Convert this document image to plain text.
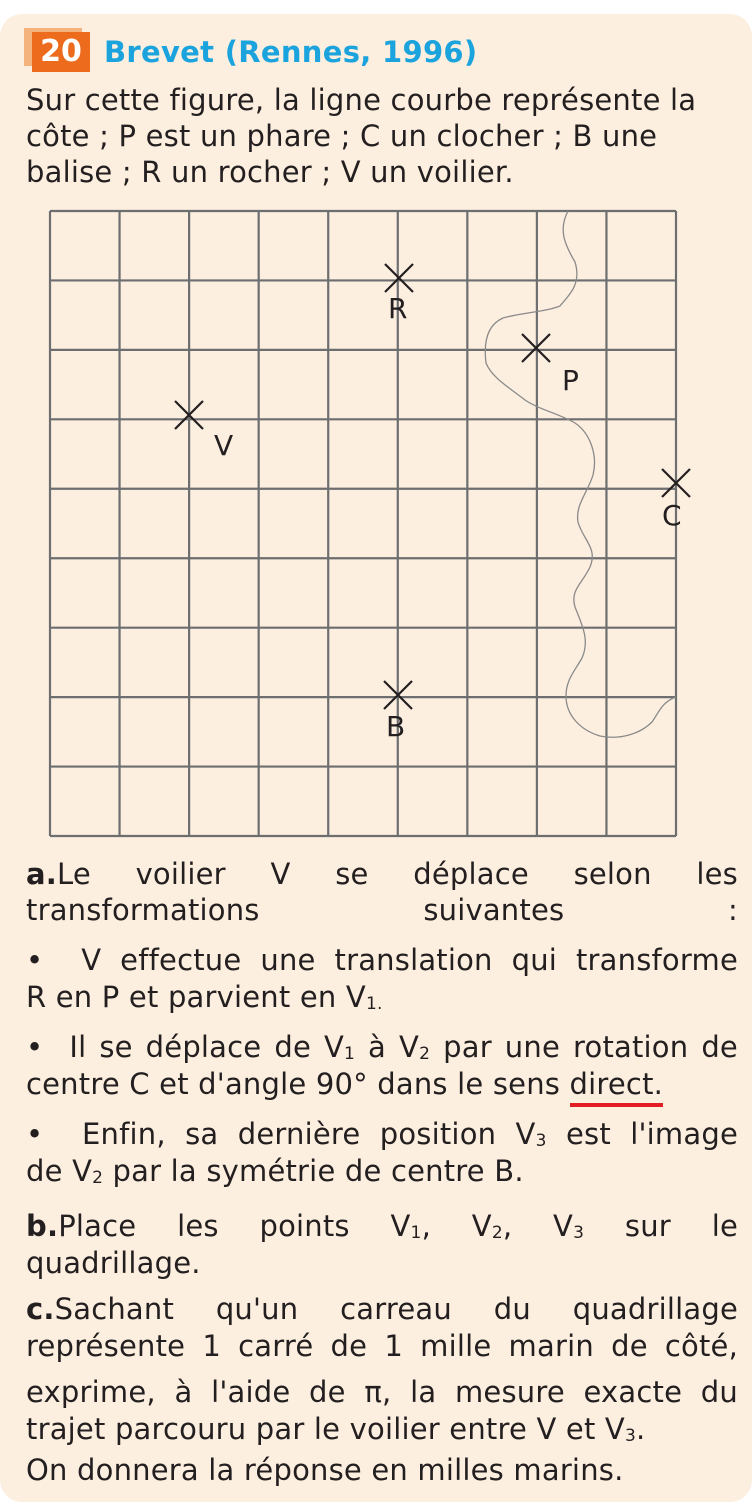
20 Brevet (Rennes, 1996)

Sur cette figure, la ligne courbe représente la côte ; P est un phare ; C un clocher ; B une balise ; R un rocher ; V un voilier.

R
P
V
C
B

a.Le voilier V se déplace selon les transformations suivantes :

•  V effectue une translation qui transforme

R en P et parvient en $V_{1.}$

•  Il se déplace de $V_1$ à $V_2$ par une rotation de

centre C et d'angle 90° dans le sens direct.

•  Enfin, sa dernière position $V_3$ est l'image

de $V_2$ par la symétrie de centre B.

b.Place les points $V_1$, $V_2$, $V_3$ sur le

quadrillage.

c.Sachant qu'un carreau du quadrillage

représente 1 carré de 1 mille marin de côté,

exprime, à l'aide de π, la mesure exacte du

trajet parcouru par le voilier entre V et $V_3$.

On donnera la réponse en milles marins.
